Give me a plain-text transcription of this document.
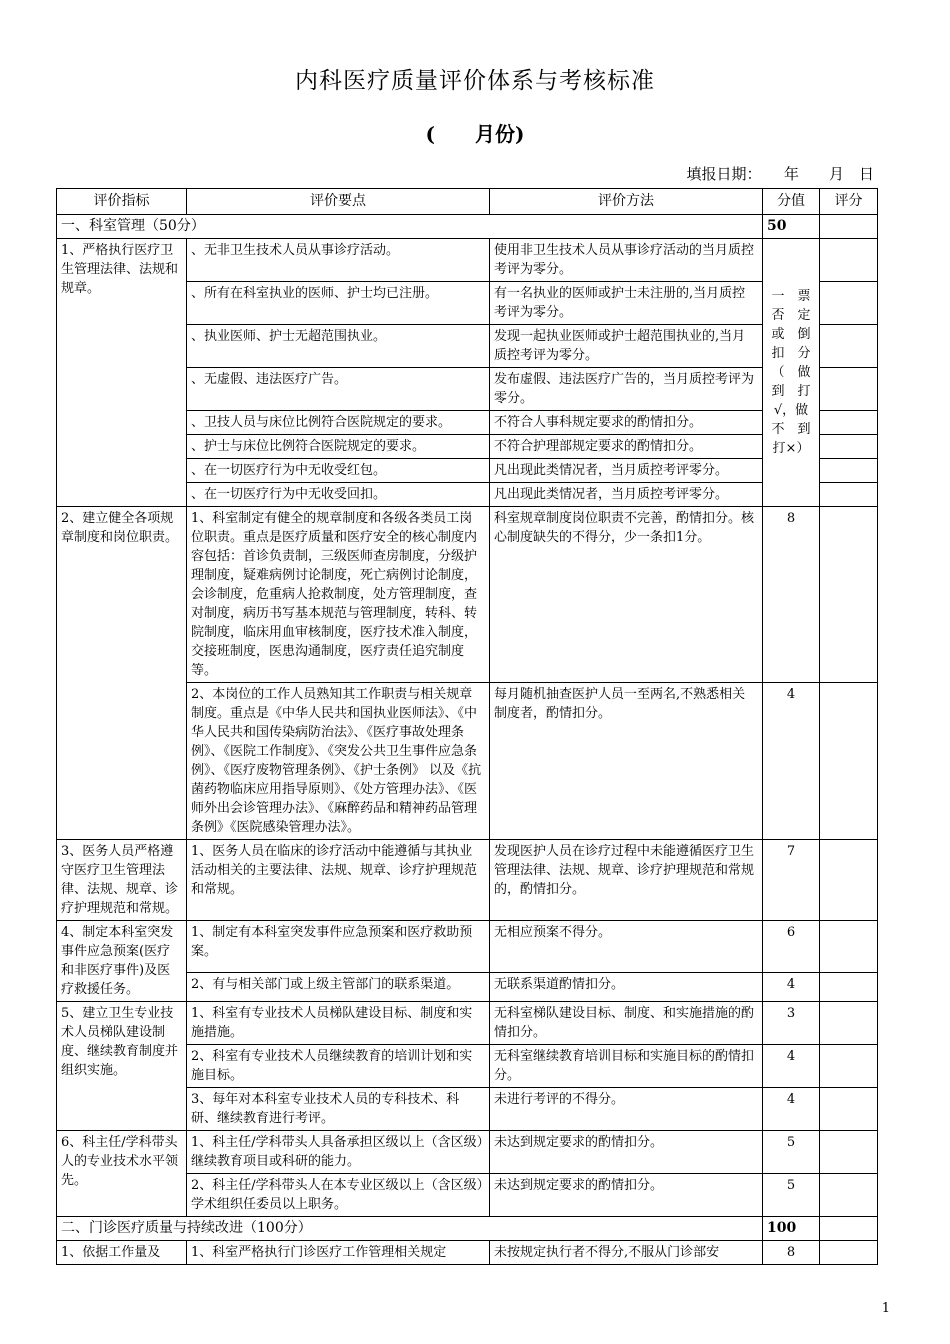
内科医疗质量评价体系与考核标准
(　　月份)
填报日期：　　年　　月　日
评价指标	评价要点	评价方法	分值	评分
一、科室管理（50分）			50	
1、严格执行医疗卫生管理法律、法规和规章。	、无非卫生技术人员从事诊疗活动。	使用非卫生技术人员从事诊疗活动的当月质控考评为零分。	一　票 否　定 或　倒 扣　分 （　做 到　打 √，做 不　到 打×）	
	、所有在科室执业的医师、护士均已注册。	有一名执业的医师或护士未注册的,当月质控考评为零分。		
	、执业医师、护士无超范围执业。	发现一起执业医师或护士超范围执业的,当月质控考评为零分。		
	、无虚假、违法医疗广告。	发布虚假、违法医疗广告的，当月质控考评为零分。		
	、卫技人员与床位比例符合医院规定的要求。	不符合人事科规定要求的酌情扣分。		
	、护士与床位比例符合医院规定的要求。	不符合护理部规定要求的酌情扣分。		
	、在一切医疗行为中无收受红包。	凡出现此类情况者，当月质控考评零分。		
	、在一切医疗行为中无收受回扣。	凡出现此类情况者，当月质控考评零分。		
2、建立健全各项规章制度和岗位职责。	1、科室制定有健全的规章制度和各级各类员工岗位职责。重点是医疗质量和医疗安全的核心制度内容包括：首诊负责制，三级医师查房制度，分级护理制度，疑难病例讨论制度，死亡病例讨论制度，会诊制度，危重病人抢救制度，处方管理制度，查对制度，病历书写基本规范与管理制度，转科、转院制度，临床用血审核制度，医疗技术准入制度，交接班制度，医患沟通制度，医疗责任追究制度等。	科室规章制度岗位职责不完善，酌情扣分。核心制度缺失的不得分，少一条扣1分。	8	
	2、本岗位的工作人员熟知其工作职责与相关规章制度。重点是《中华人民共和国执业医师法》、《中华人民共和国传染病防治法》、《医疗事故处理条例》、《医院工作制度》、《突发公共卫生事件应急条例》、《医疗废物管理条例》、《护士条例》 以及《抗菌药物临床应用指导原则》、《处方管理办法》、《医师外出会诊管理办法》、《麻醉药品和精神药品管理条例》《医院感染管理办法》。	每月随机抽查医护人员一至两名,不熟悉相关制度者，酌情扣分。	4	
3、医务人员严格遵守医疗卫生管理法律、法规、规章、诊疗护理规范和常规。	1、医务人员在临床的诊疗活动中能遵循与其执业活动相关的主要法律、法规、规章、诊疗护理规范和常规。	发现医护人员在诊疗过程中未能遵循医疗卫生管理法律、法规、规章、诊疗护理规范和常规的，酌情扣分。	7	
4、制定本科室突发事件应急预案(医疗和非医疗事件)及医疗救援任务。	1、制定有本科室突发事件应急预案和医疗救助预案。	无相应预案不得分。	6	
	2、有与相关部门或上级主管部门的联系渠道。	无联系渠道酌情扣分。	4	
5、建立卫生专业技术人员梯队建设制度、继续教育制度并组织实施。	1、科室有专业技术人员梯队建设目标、制度和实施措施。	无科室梯队建设目标、制度、和实施措施的酌情扣分。	3	
	2、科室有专业技术人员继续教育的培训计划和实施目标。	无科室继续教育培训目标和实施目标的酌情扣分。	4	
	3、每年对本科室专业技术人员的专科技术、科研、继续教育进行考评。	未进行考评的不得分。	4	
6、科主任/学科带头人的专业技术水平领先。	1、科主任/学科带头人具备承担区级以上（含区级）继续教育项目或科研的能力。	未达到规定要求的酌情扣分。	5	
	2、科主任/学科带头人在本专业区级以上（含区级）学术组织任委员以上职务。	未达到规定要求的酌情扣分。	5	
二、门诊医疗质量与持续改进（100分）			100	
1、依据工作量及	1、科室严格执行门诊医疗工作管理相关规定	未按规定执行者不得分,不服从门诊部安	8	
1
